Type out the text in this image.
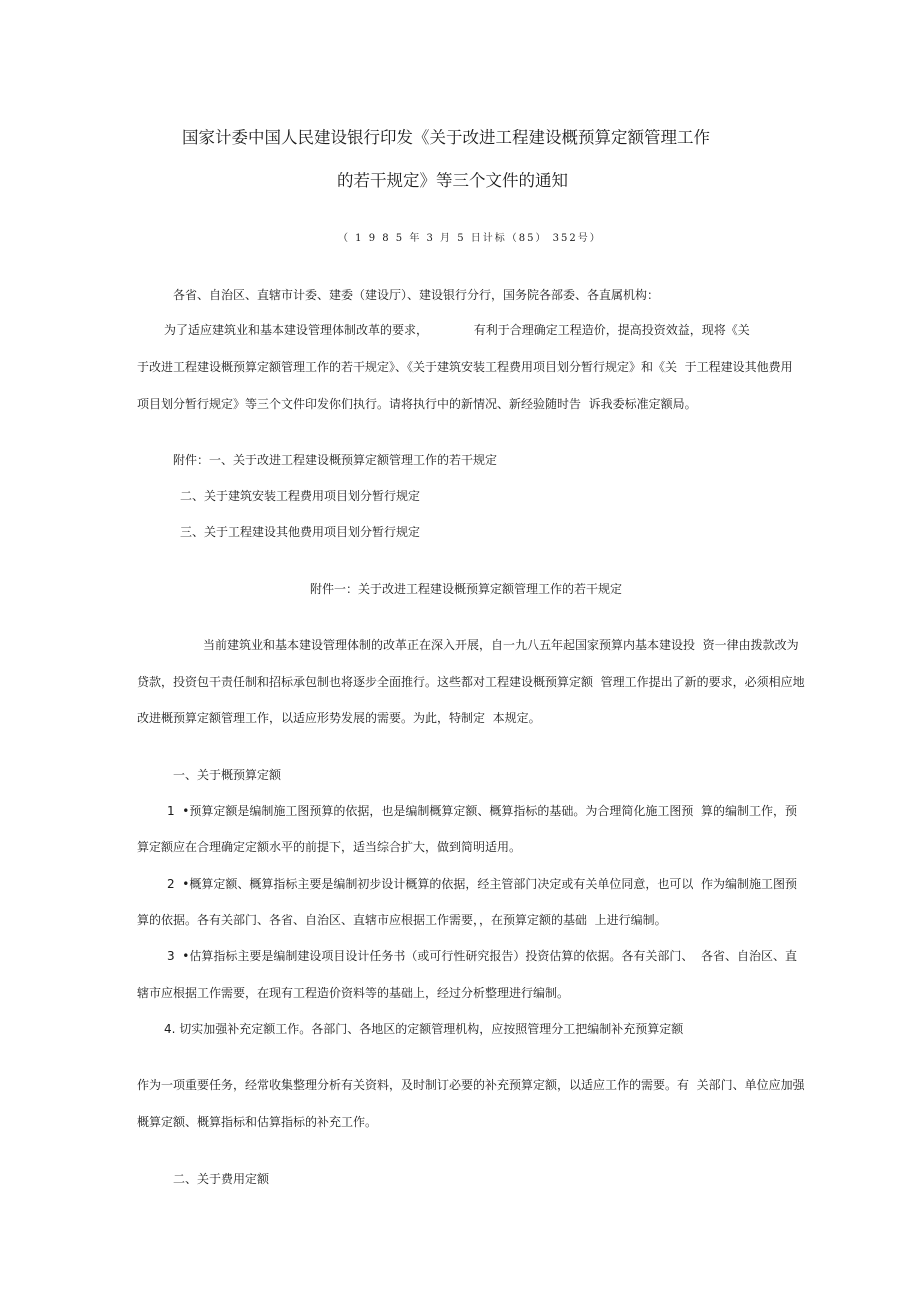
国家计委中国人民建设银行印发《关于改进工程建设概预算定额管理工作
的若干规定》等三个文件的通知
（ 1 9 8 5 年 3 月 5 日计标（85） 352号）
各省、自治区、直辖市计委、建委（建设厅）、建设银行分行，国务院各部委、各直属机构：
为了适应建筑业和基本建设管理体制改革的要求，            有利于合理确定工程造价，提高投资效益，现将《关
于改进工程建设概预算定额管理工作的若干规定》、《关于建筑安装工程费用项目划分暂行规定》和《关  于工程建设其他费用
项目划分暂行规定》等三个文件印发你们执行。请将执行中的新情况、新经验随时告  诉我委标准定额局。
附件：一、关于改进工程建设概预算定额管理工作的若干规定
二、关于建筑安装工程费用项目划分暂行规定
三、关于工程建设其他费用项目划分暂行规定
附件一：关于改进工程建设概预算定额管理工作的若干规定
当前建筑业和基本建设管理体制的改革正在深入开展，自一九八五年起国家预算内基本建设投  资一律由拨款改为
贷款，投资包干责任制和招标承包制也将逐步全面推行。这些都对工程建设概预算定额  管理工作提出了新的要求，必须相应地
改进概预算定额管理工作，以适应形势发展的需要。为此，特制定  本规定。
一、关于概预算定额
1  •预算定额是编制施工图预算的依据，也是编制概算定额、概算指标的基础。为合理简化施工图预  算的编制工作，预
算定额应在合理确定定额水平的前提下，适当综合扩大，做到简明适用。
2  •概算定额、概算指标主要是编制初步设计概算的依据，经主管部门决定或有关单位同意，也可以  作为编制施工图预
算的依据。各有关部门、各省、自治区、直辖市应根据工作需要，，在预算定额的基础  上进行编制。
3  •估算指标主要是编制建设项目设计任务书（或可行性研究报告）投资估算的依据。各有关部门、  各省、自治区、直
辖市应根据工作需要，在现有工程造价资料等的基础上，经过分析整理进行编制。
4. 切实加强补充定额工作。各部门、各地区的定额管理机构，应按照管理分工把编制补充预算定额
作为一项重要任务，经常收集整理分析有关资料，及时制订必要的补充预算定额，以适应工作的需要。有  关部门、单位应加强
概算定额、概算指标和估算指标的补充工作。
二、关于费用定额
